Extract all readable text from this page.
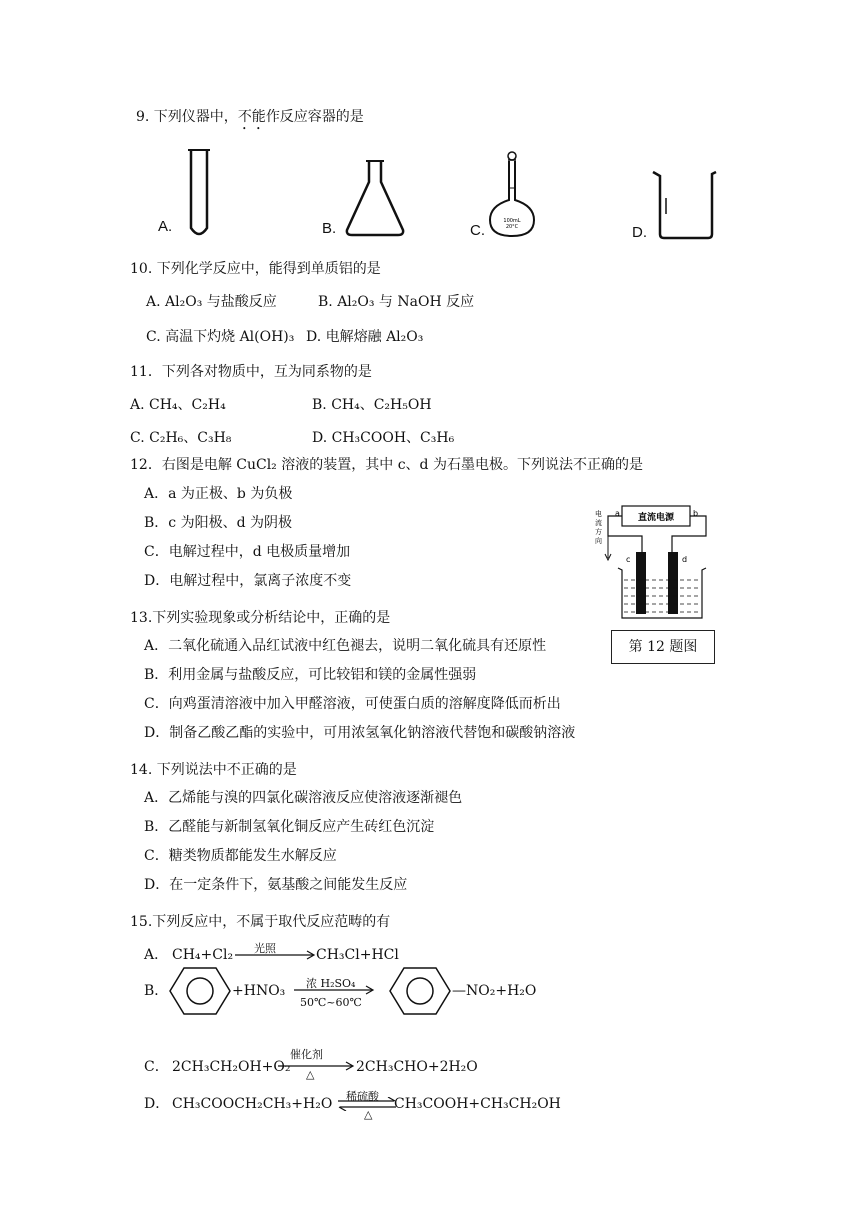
9. 下列仪器中，不能作反应容器的是
A.	B.	C.	D.
100mL
20°C
10. 下列化学反应中，能得到单质铝的是
A. Al₂O₃ 与盐酸反应	B. Al₂O₃ 与 NaOH 反应
C. 高温下灼烧 Al(OH)₃ D. 电解熔融 Al₂O₃
11．下列各对物质中，互为同系物的是
A. CH₄、C₂H₄	B. CH₄、C₂H₅OH
C. C₂H₆、C₃H₈	D. CH₃COOH、C₃H₆
12．右图是电解 CuCl₂ 溶液的装置，其中 c、d 为石墨电极。下列说法不正确的是
A．a 为正极、b 为负极
B．c 为阳极、d 为阴极
C．电解过程中，d 电极质量增加
D．电解过程中，氯离子浓度不变
直流电源
a	b
电流方向
c	d
第 12 题图
13.下列实验现象或分析结论中，正确的是
A．二氧化硫通入品红试液中红色褪去，说明二氧化硫具有还原性
B．利用金属与盐酸反应，可比较铝和镁的金属性强弱
C．向鸡蛋清溶液中加入甲醛溶液，可使蛋白质的溶解度降低而析出
D．制备乙酸乙酯的实验中，可用浓氢氧化钠溶液代替饱和碳酸钠溶液
14. 下列说法中不正确的是
A．乙烯能与溴的四氯化碳溶液反应使溶液逐渐褪色
B．乙醛能与新制氢氧化铜反应产生砖红色沉淀
C．糖类物质都能发生水解反应
D．在一定条件下，氨基酸之间能发生反应
15.下列反应中，不属于取代反应范畴的有
A． CH₄+Cl₂ 光照	CH₃Cl+HCl
B．	+HNO₃ 浓 H₂SO₄
50℃~60℃
—NO₂+H₂O
C． 2CH₃CH₂OH+O₂
催化剂
△	2CH₃CHO+2H₂O
D． CH₃COOCH₂CH₃+H₂O 稀硫酸
△
CH₃COOH+CH₃CH₂OH
